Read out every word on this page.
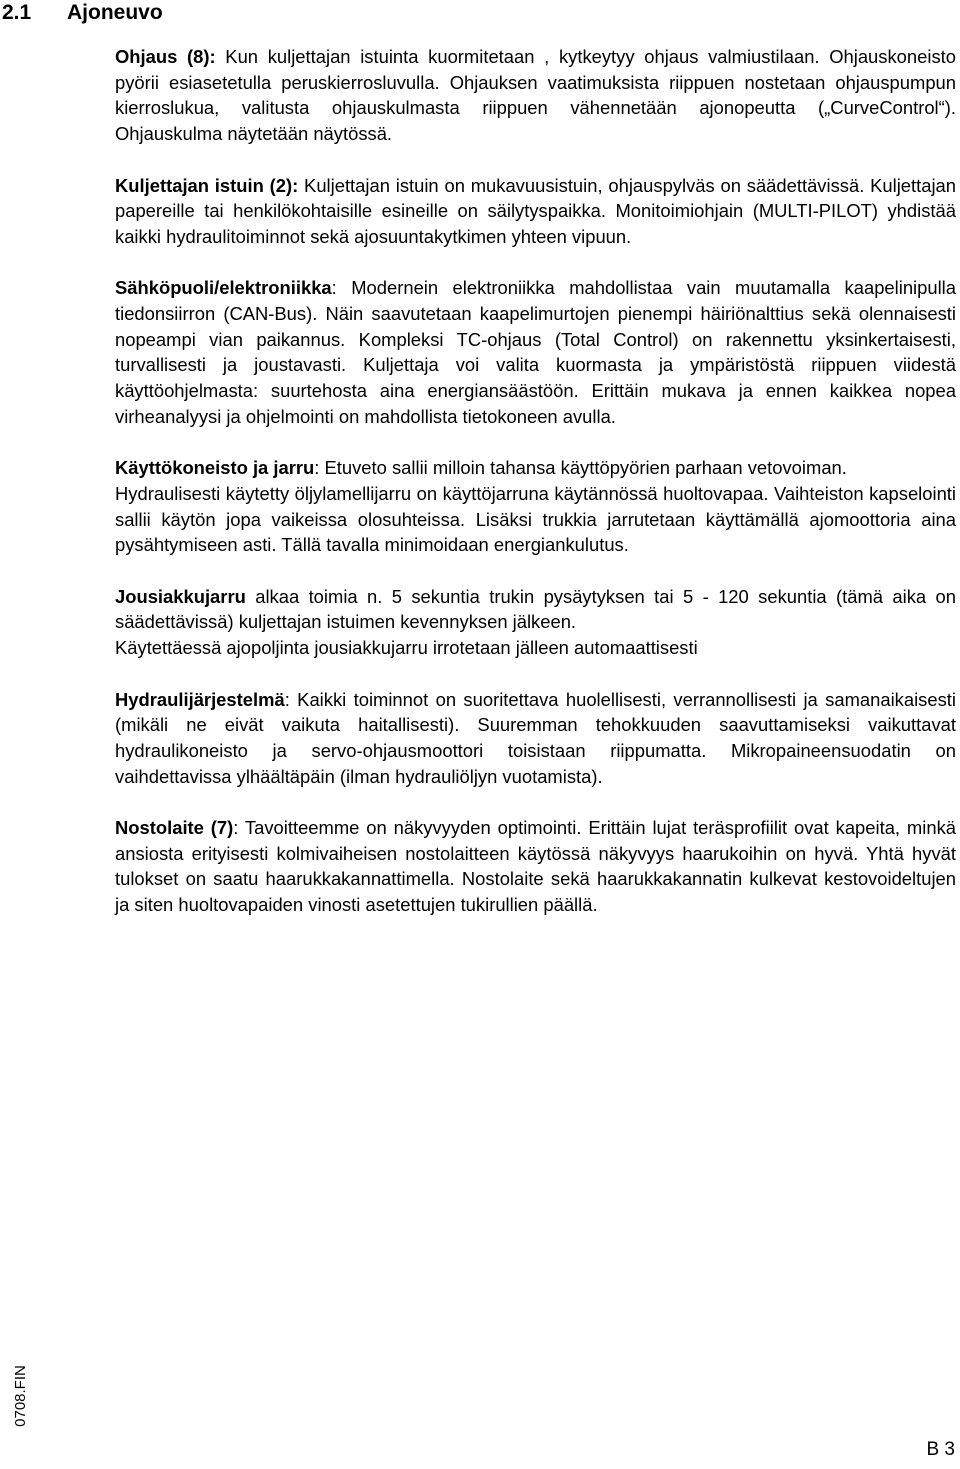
2.1 Ajoneuvo

Ohjaus (8): Kun kuljettajan istuinta kuormitetaan , kytkeytyy ohjaus valmiustilaan. Ohjauskoneisto pyörii esiasetetulla peruskierrosluvulla. Ohjauksen vaatimuksista riippuen nostetaan ohjauspumpun kierroslukua, valitusta ohjauskulmasta riippuen vähennetään ajonopeutta („CurveControl“). Ohjauskulma näytetään näytössä.

Kuljettajan istuin (2): Kuljettajan istuin on mukavuusistuin, ohjauspylväs on säädettävissä. Kuljettajan papereille tai henkilökohtaisille esineille on säilytyspaikka. Monitoimiohjain (MULTI-PILOT) yhdistää kaikki hydraulitoiminnot sekä ajosuuntakytkimen yhteen vipuun.

Sähköpuoli/elektroniikka: Modernein elektroniikka mahdollistaa vain muutamalla kaapelinipulla tiedonsiirron (CAN-Bus). Näin saavutetaan kaapelimurtojen pienempi häiriönalttius sekä olennaisesti nopeampi vian paikannus. Kompleksi TC-ohjaus (Total Control) on rakennettu yksinkertaisesti, turvallisesti ja joustavasti. Kuljettaja voi valita kuormasta ja ympäristöstä riippuen viidestä käyttöohjelmasta: suurtehosta aina energiansäästöön. Erittäin mukava ja ennen kaikkea nopea virheanalyysi ja ohjelmointi on mahdollista tietokoneen avulla.

Käyttökoneisto ja jarru: Etuveto sallii milloin tahansa käyttöpyörien parhaan vetovoiman.
Hydraulisesti käytetty öljylamellijarru on käyttöjarruna käytännössä huoltovapaa. Vaihteiston kapselointi sallii käytön jopa vaikeissa olosuhteissa. Lisäksi trukkia jarrutetaan käyttämällä ajomoottoria aina pysähtymiseen asti. Tällä tavalla minimoidaan energiankulutus.

Jousiakkujarru alkaa toimia n. 5 sekuntia trukin pysäytyksen tai 5 - 120 sekuntia (tämä aika on säädettävissä) kuljettajan istuimen kevennyksen jälkeen.
Käytettäessä ajopoljinta jousiakkujarru irrotetaan jälleen automaattisesti

Hydraulijärjestelmä: Kaikki toiminnot on suoritettava huolellisesti, verrannollisesti ja samanaikaisesti (mikäli ne eivät vaikuta haitallisesti). Suuremman tehokkuuden saavuttamiseksi vaikuttavat hydraulikoneisto ja servo-ohjausmoottori toisistaan riippumatta. Mikropaineensuodatin on vaihdettavissa ylhäältäpäin (ilman hydrauliöljyn vuotamista).

Nostolaite (7): Tavoitteemme on näkyvyyden optimointi. Erittäin lujat teräsprofiilit ovat kapeita, minkä ansiosta erityisesti kolmivaiheisen nostolaitteen käytössä näkyvyys haarukoihin on hyvä. Yhtä hyvät tulokset on saatu haarukkakannattimella. Nostolaite sekä haarukkakannatin kulkevat kestovoideltujen ja siten huoltovapaiden vinosti asetettujen tukirullien päällä.

0708.FIN
B 3
